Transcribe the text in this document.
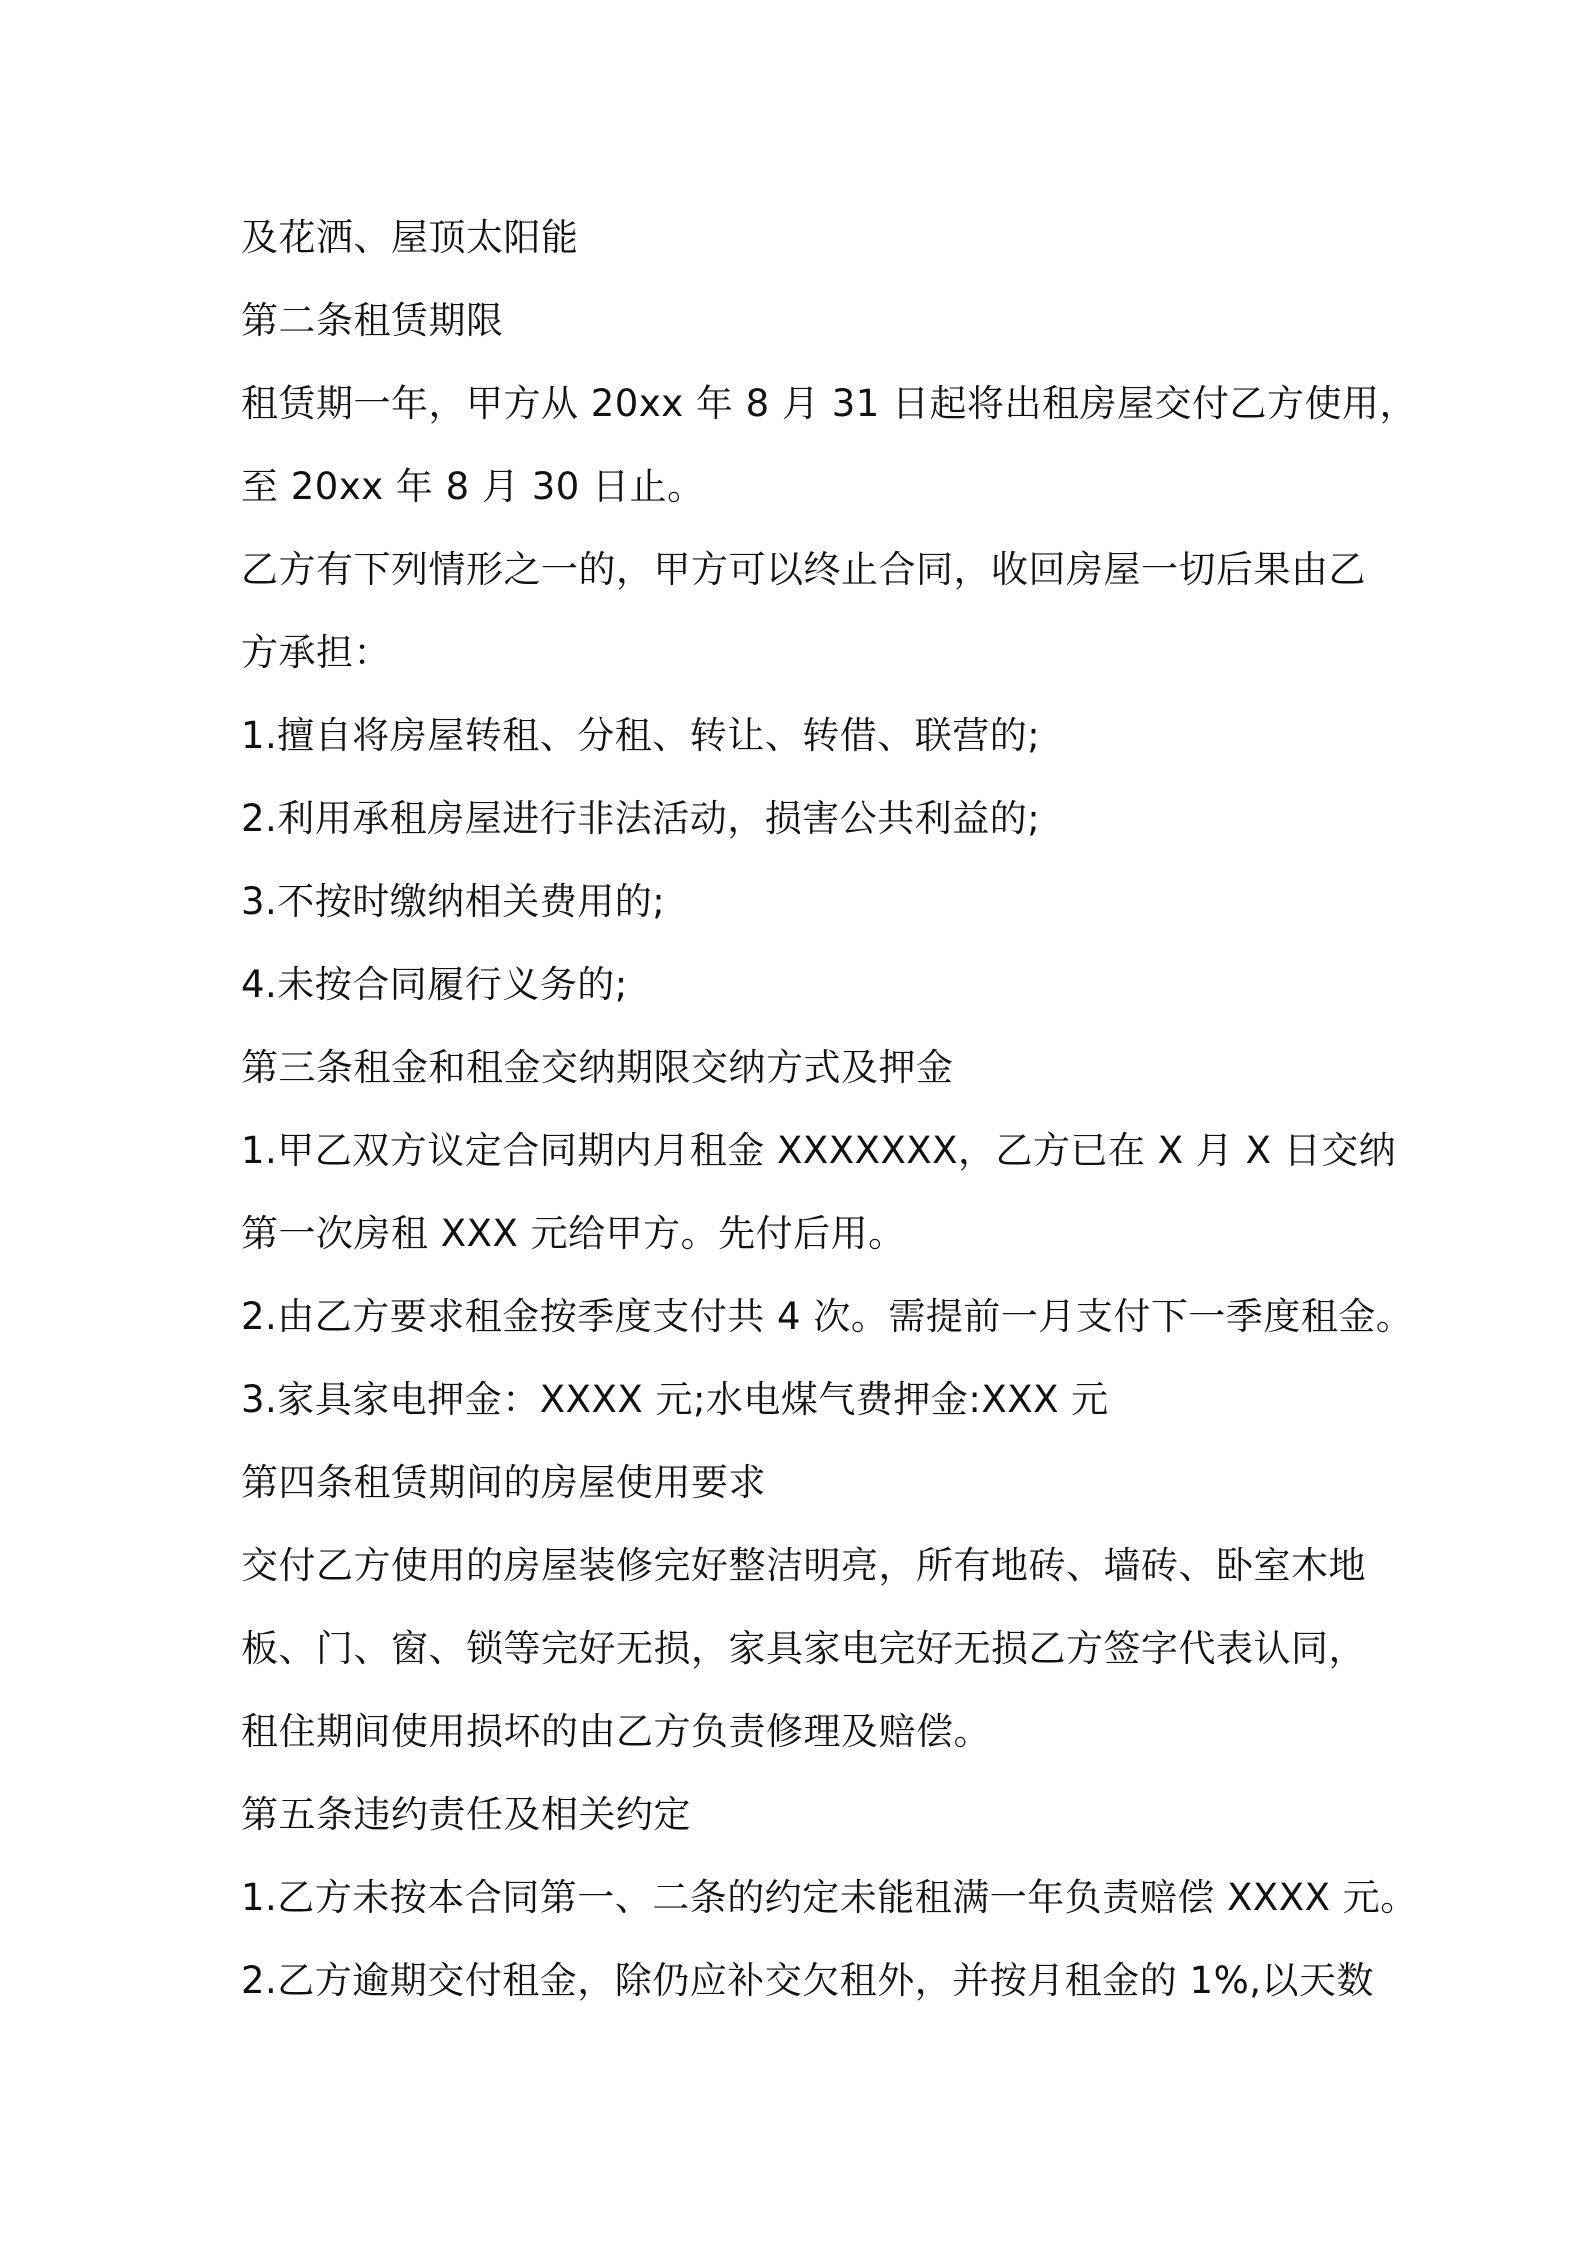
及花洒、屋顶太阳能
第二条租赁期限
租赁期一年，甲方从 20xx 年 8 月 31 日起将出租房屋交付乙方使用，
至 20xx 年 8 月 30 日止。
乙方有下列情形之一的，甲方可以终止合同，收回房屋一切后果由乙
方承担：
1.擅自将房屋转租、分租、转让、转借、联营的;
2.利用承租房屋进行非法活动，损害公共利益的;
3.不按时缴纳相关费用的;
4.未按合同履行义务的;
第三条租金和租金交纳期限交纳方式及押金
1.甲乙双方议定合同期内月租金 XXXXXXX，乙方已在 X 月 X 日交纳
第一次房租 XXX 元给甲方。先付后用。
2.由乙方要求租金按季度支付共 4 次。需提前一月支付下一季度租金。
3.家具家电押金：XXXX 元;水电煤气费押金:XXX 元
第四条租赁期间的房屋使用要求
交付乙方使用的房屋装修完好整洁明亮，所有地砖、墙砖、卧室木地
板、门、窗、锁等完好无损，家具家电完好无损乙方签字代表认同，
租住期间使用损坏的由乙方负责修理及赔偿。
第五条违约责任及相关约定
1.乙方未按本合同第一、二条的约定未能租满一年负责赔偿 XXXX 元。
2.乙方逾期交付租金，除仍应补交欠租外，并按月租金的 1%,以天数
